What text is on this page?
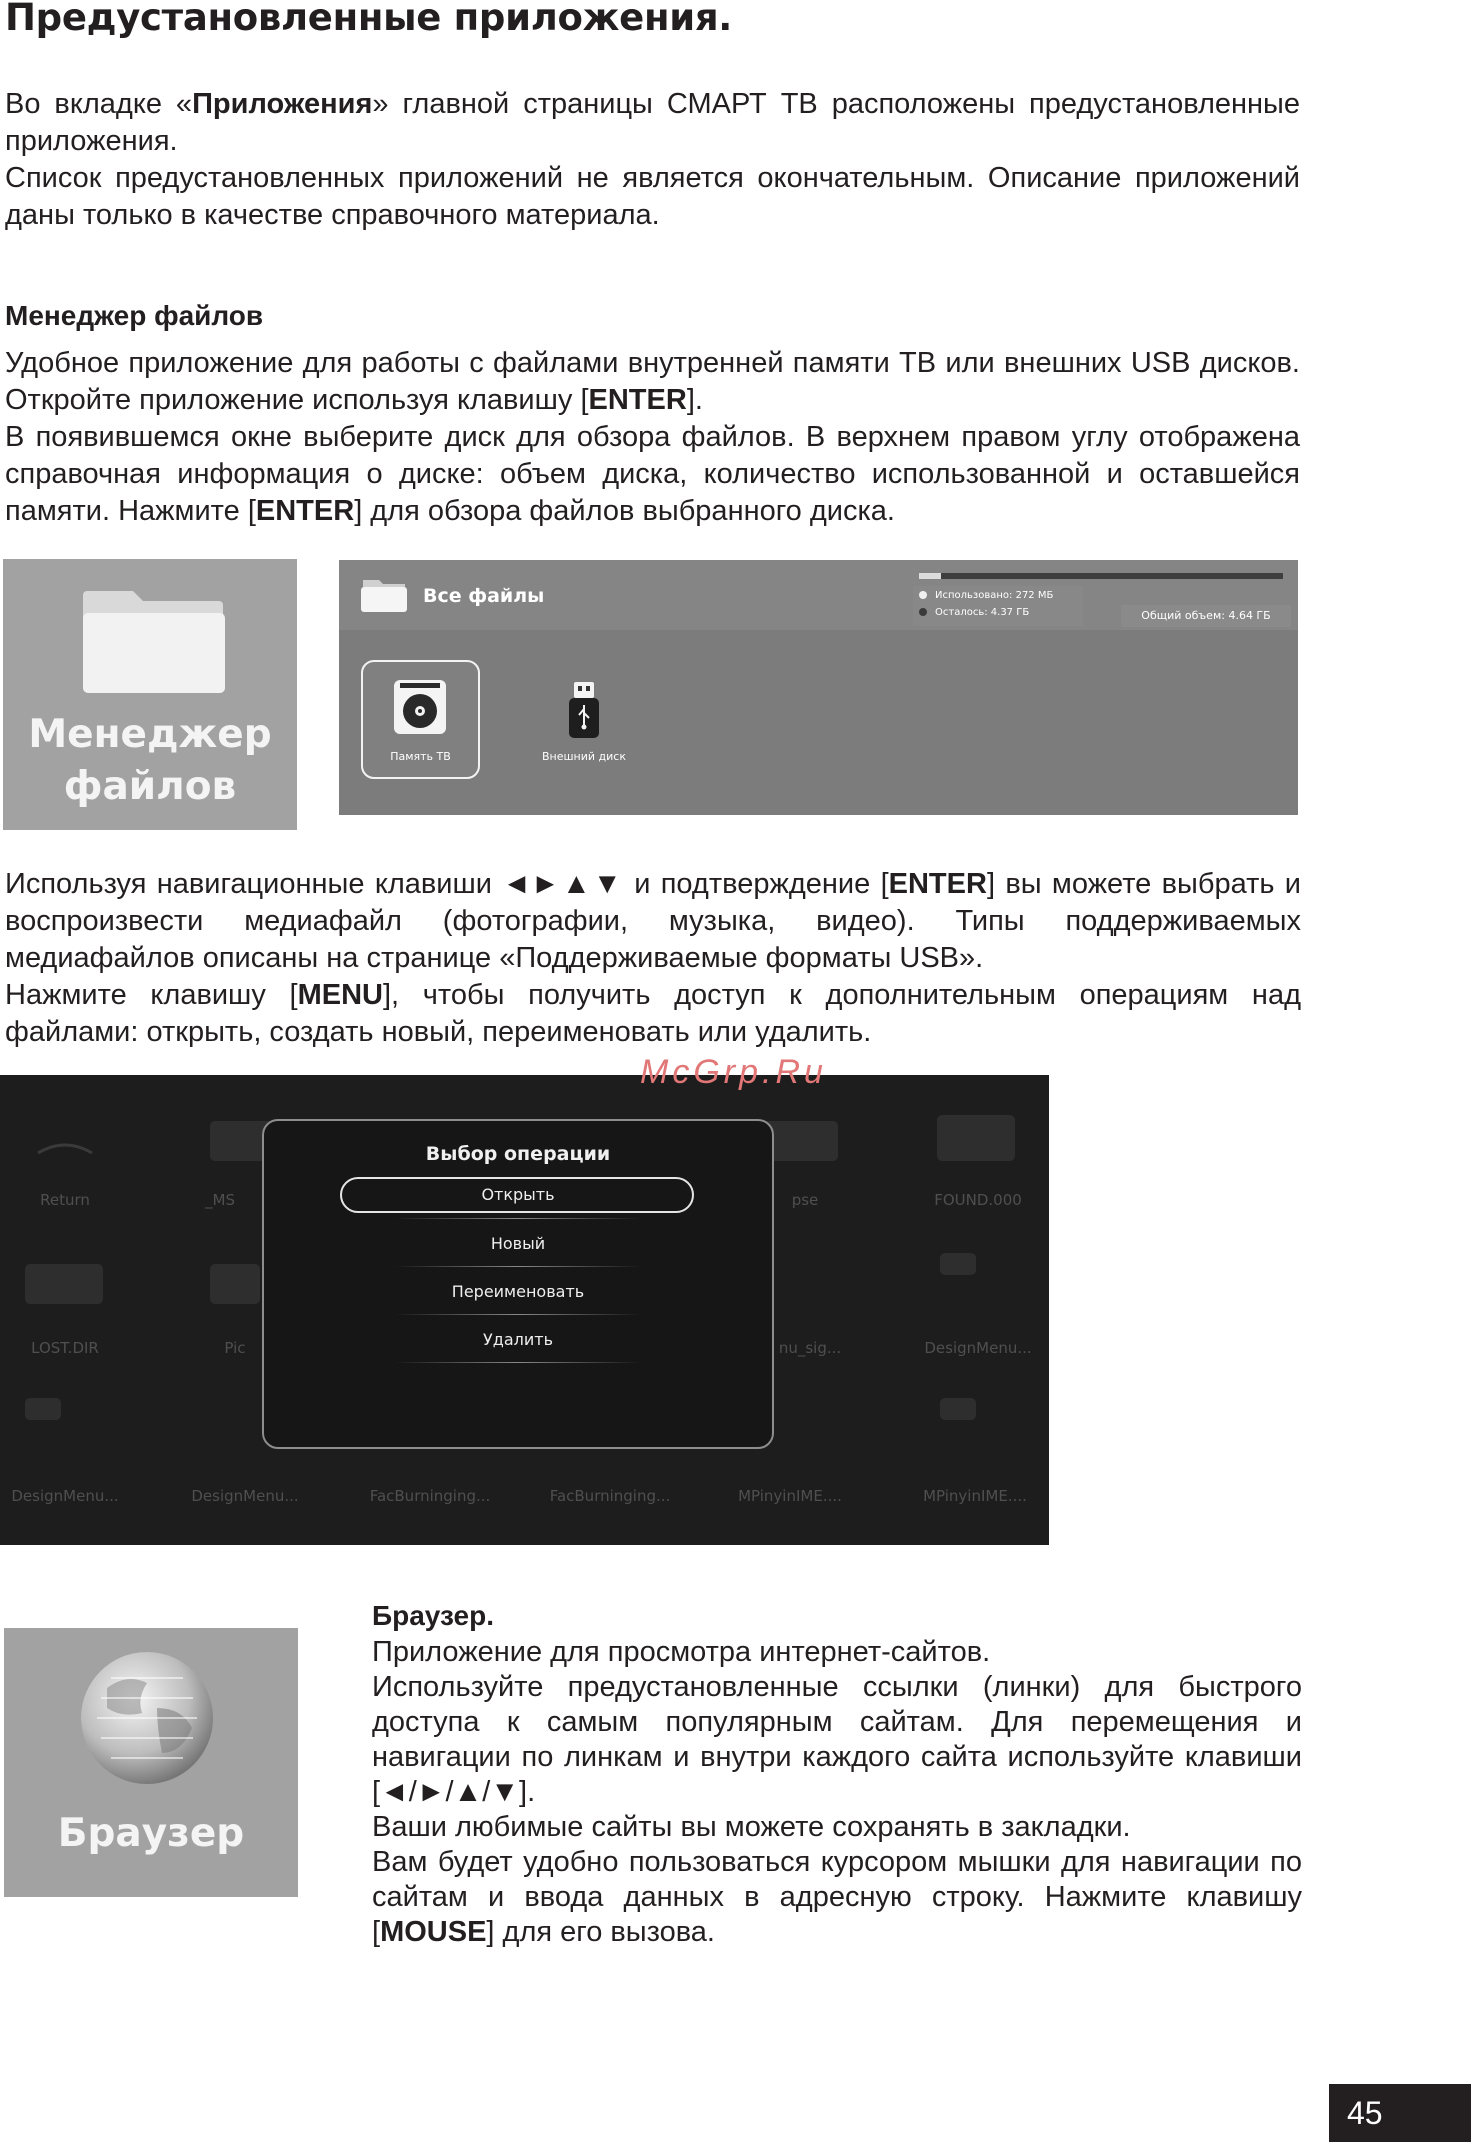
Предустановленные приложения.

Во вкладке «Приложения» главной страницы СМАРТ ТВ расположены предустановленные приложения.

Список предустановленных приложений не является окончательным. Описание приложений даны только в качестве справочного материала.

Менеджер файлов

Удобное приложение для работы с файлами внутренней памяти ТВ или внешних USB дисков. Откройте приложение используя клавишу [ENTER].

В появившемся окне выберите диск для обзора файлов. В верхнем правом углу отображена справочная информация о диске: объем диска, количество использованной и оставшейся памяти. Нажмите [ENTER] для обзора файлов выбранного диска.

Менеджер
файлов
Все файлы	Использовано: 272 МБ
Осталось: 4.37 ГБ	Общий объем: 4.64 ГБ
Память ТВ	Внешний диск

Используя навигационные клавиши ◄►▲▼ и подтверждение [ENTER] вы можете выбрать и воспроизвести медиафайл (фотографии, музыка, видео). Типы поддерживаемых медиафайлов описаны на странице «Поддерживаемые форматы USB».

Нажмите клавишу [MENU], чтобы получить доступ к дополнительным операциям над файлами: открыть, создать новый, переименовать или удалить.

Return	_MS	pse	FOUND.000
LOST.DIR	Pic	nu_sig...	DesignMenu...
DesignMenu...	DesignMenu...	FacBurninging...	FacBurninging...	MPinyinIME....	MPinyinIME....
Выбор операции
Открыть
Новый
Переименовать
Удалить
McGrp.Ru
Браузер
Браузер.

Приложение для просмотра интернет-сайтов.

Используйте предустановленные ссылки (линки) для быстрого доступа к самым популярным сайтам. Для перемещения и навигации по линкам и внутри каждого сайта используйте клавиши [◄/►/▲/▼].

Ваши любимые сайты вы можете сохранять в закладки.

Вам будет удобно пользоваться курсором мышки для навигации по сайтам и ввода данных в адресную строку. Нажмите клавишу [MOUSE] для его вызова.

45
